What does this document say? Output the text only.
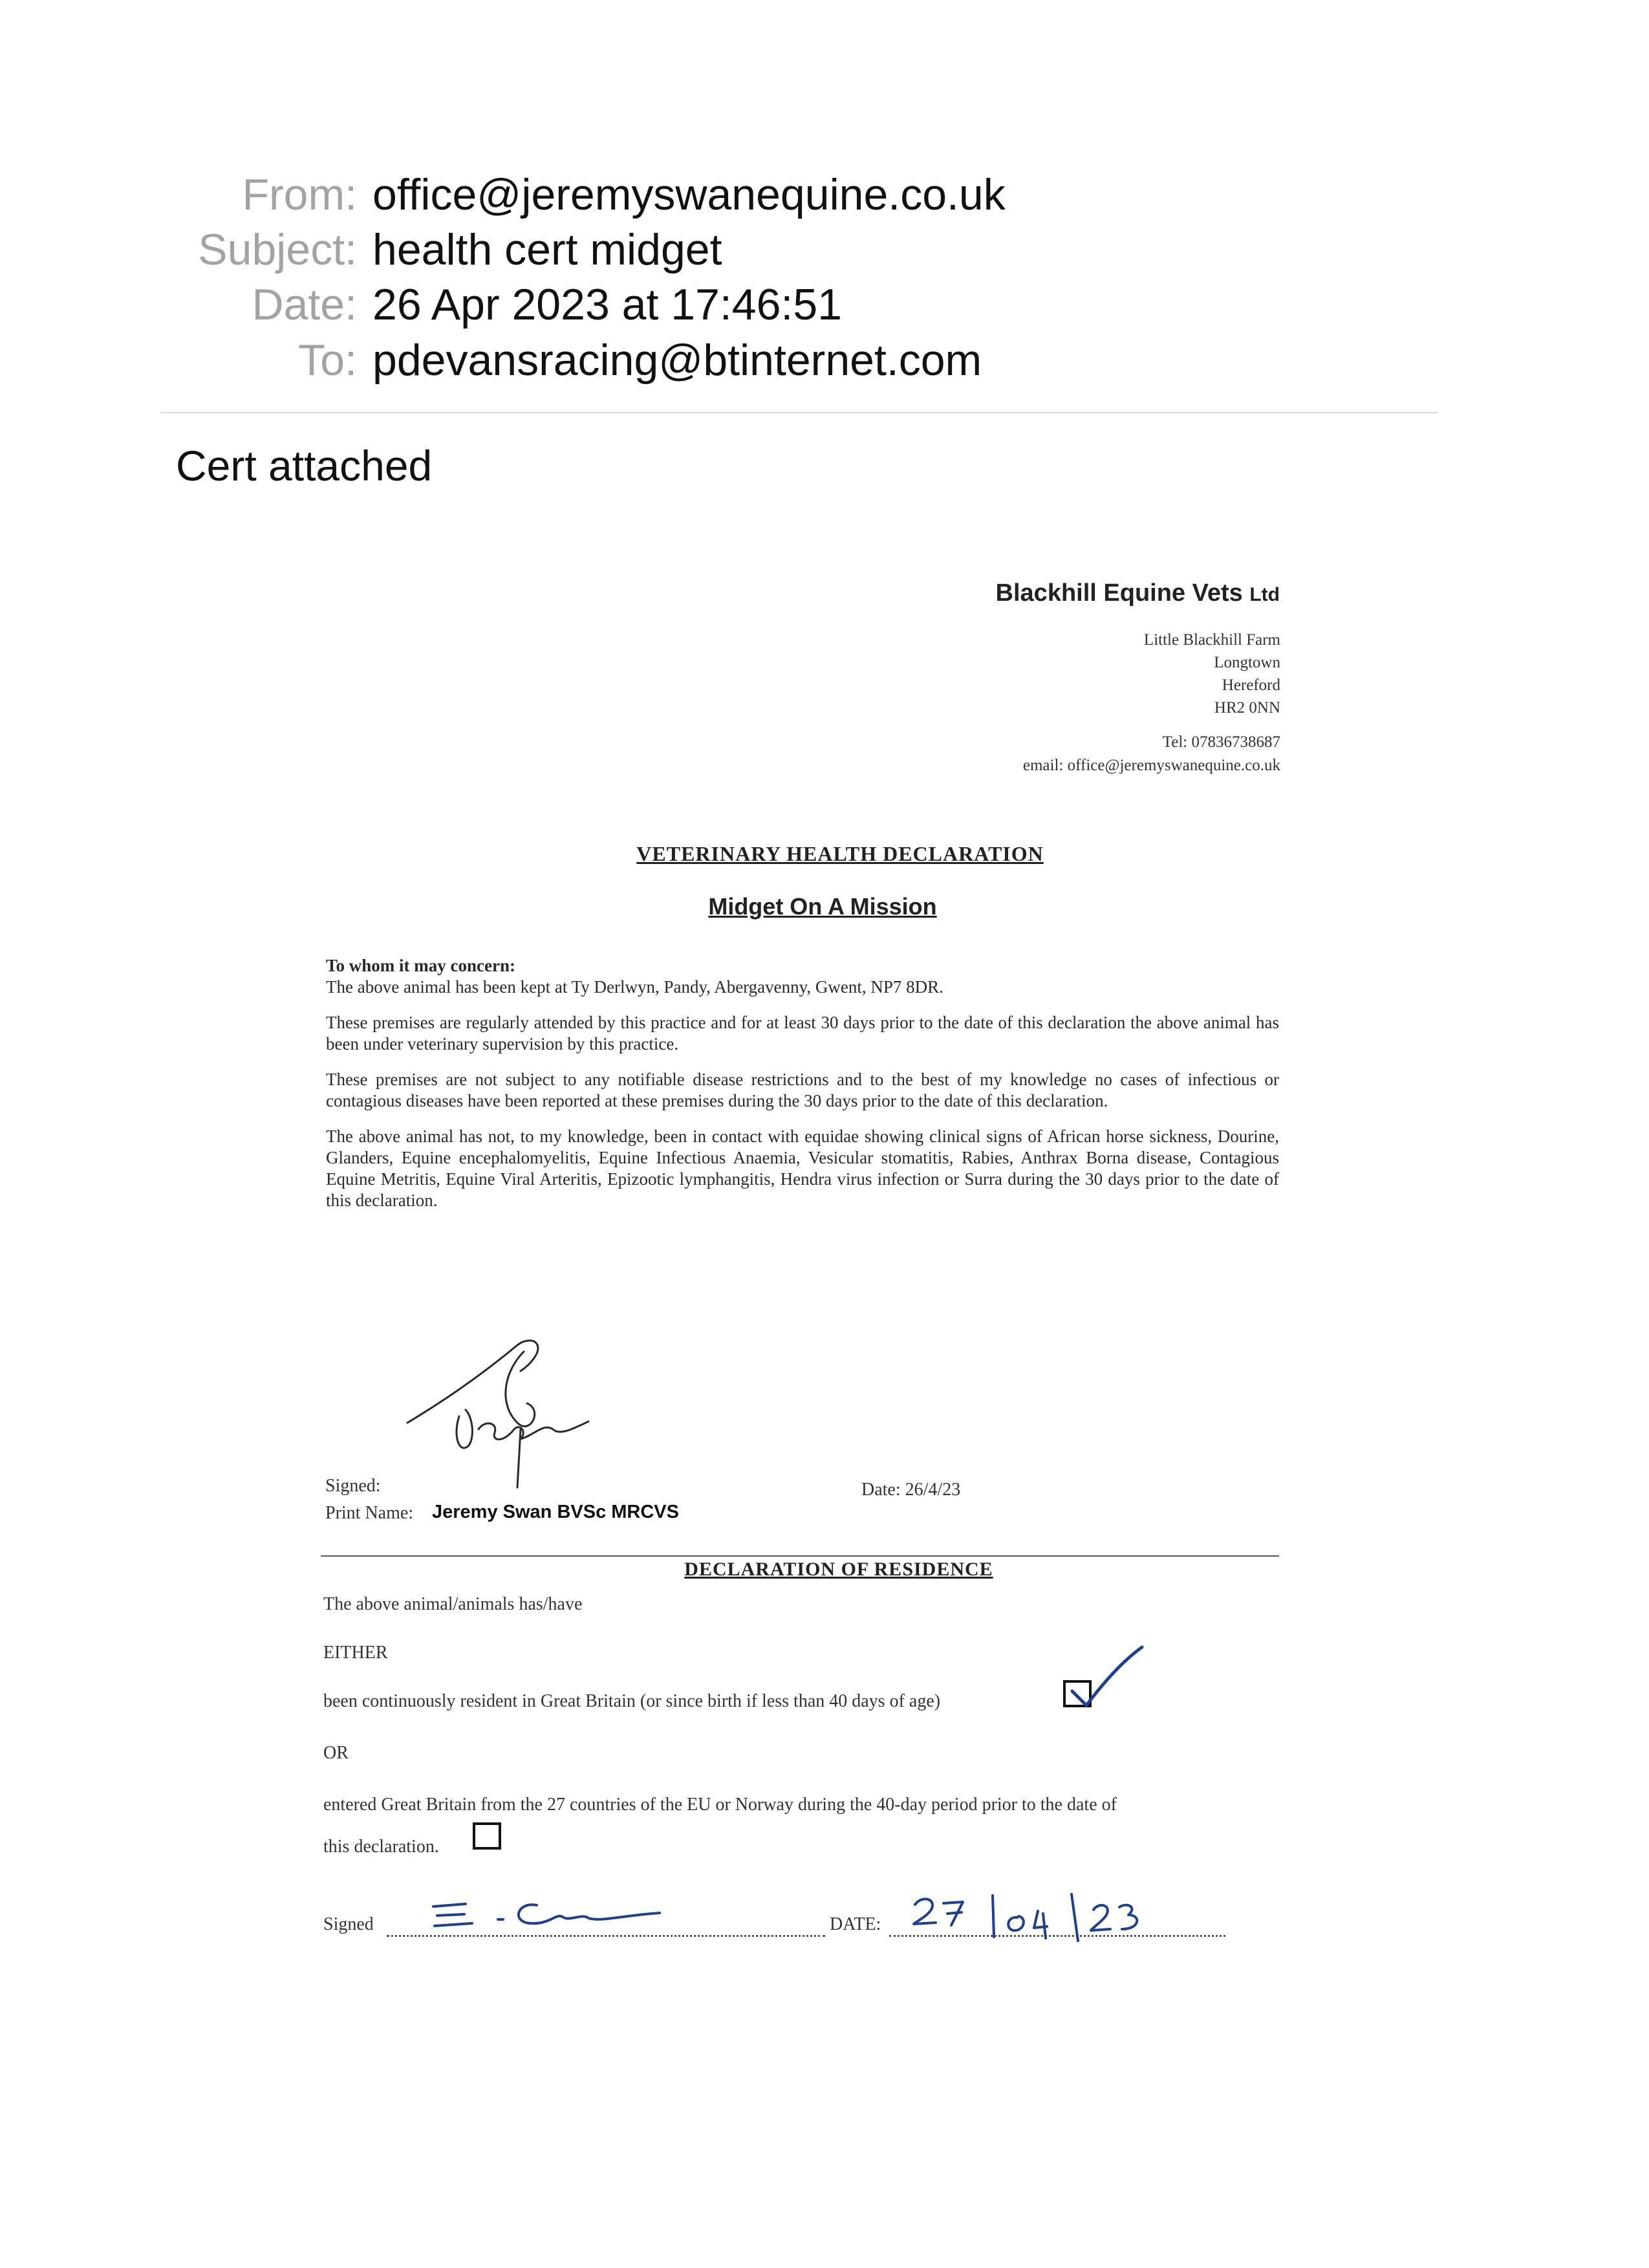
From: office@jeremyswanequine.co.uk
Subject: health cert midget
Date: 26 Apr 2023 at 17:46:51
To: pdevansracing@btinternet.com
Cert attached
Blackhill Equine Vets Ltd
Little Blackhill Farm
Longtown
Hereford
HR2 0NN
Tel: 07836738687
email: office@jeremyswanequine.co.uk
VETERINARY HEALTH DECLARATION
Midget On A Mission
To whom it may concern:

The above animal has been kept at Ty Derlwyn, Pandy, Abergavenny, Gwent, NP7 8DR.

These premises are regularly attended by this practice and for at least 30 days prior to the date of this declaration the above animal has been under veterinary supervision by this practice.

These premises are not subject to any notifiable disease restrictions and to the best of my knowledge no cases of infectious or contagious diseases have been reported at these premises during the 30 days prior to the date of this declaration.

The above animal has not, to my knowledge, been in contact with equidae showing clinical signs of African horse sickness, Dourine, Glanders, Equine encephalomyelitis, Equine Infectious Anaemia, Vesicular stomatitis, Rabies, Anthrax Borna disease, Contagious Equine Metritis, Equine Viral Arteritis, Epizootic lymphangitis, Hendra virus infection or Surra during the 30 days prior to the date of this declaration.

Signed:	Date: 26/4/23
Print Name: Jeremy Swan BVSc MRCVS
DECLARATION OF RESIDENCE
The above animal/animals has/have
EITHER
been continuously resident in Great Britain (or since birth if less than 40 days of age)
OR
entered Great Britain from the 27 countries of the EU or Norway during the 40-day period prior to the date of
this declaration.
Signed	DATE:
